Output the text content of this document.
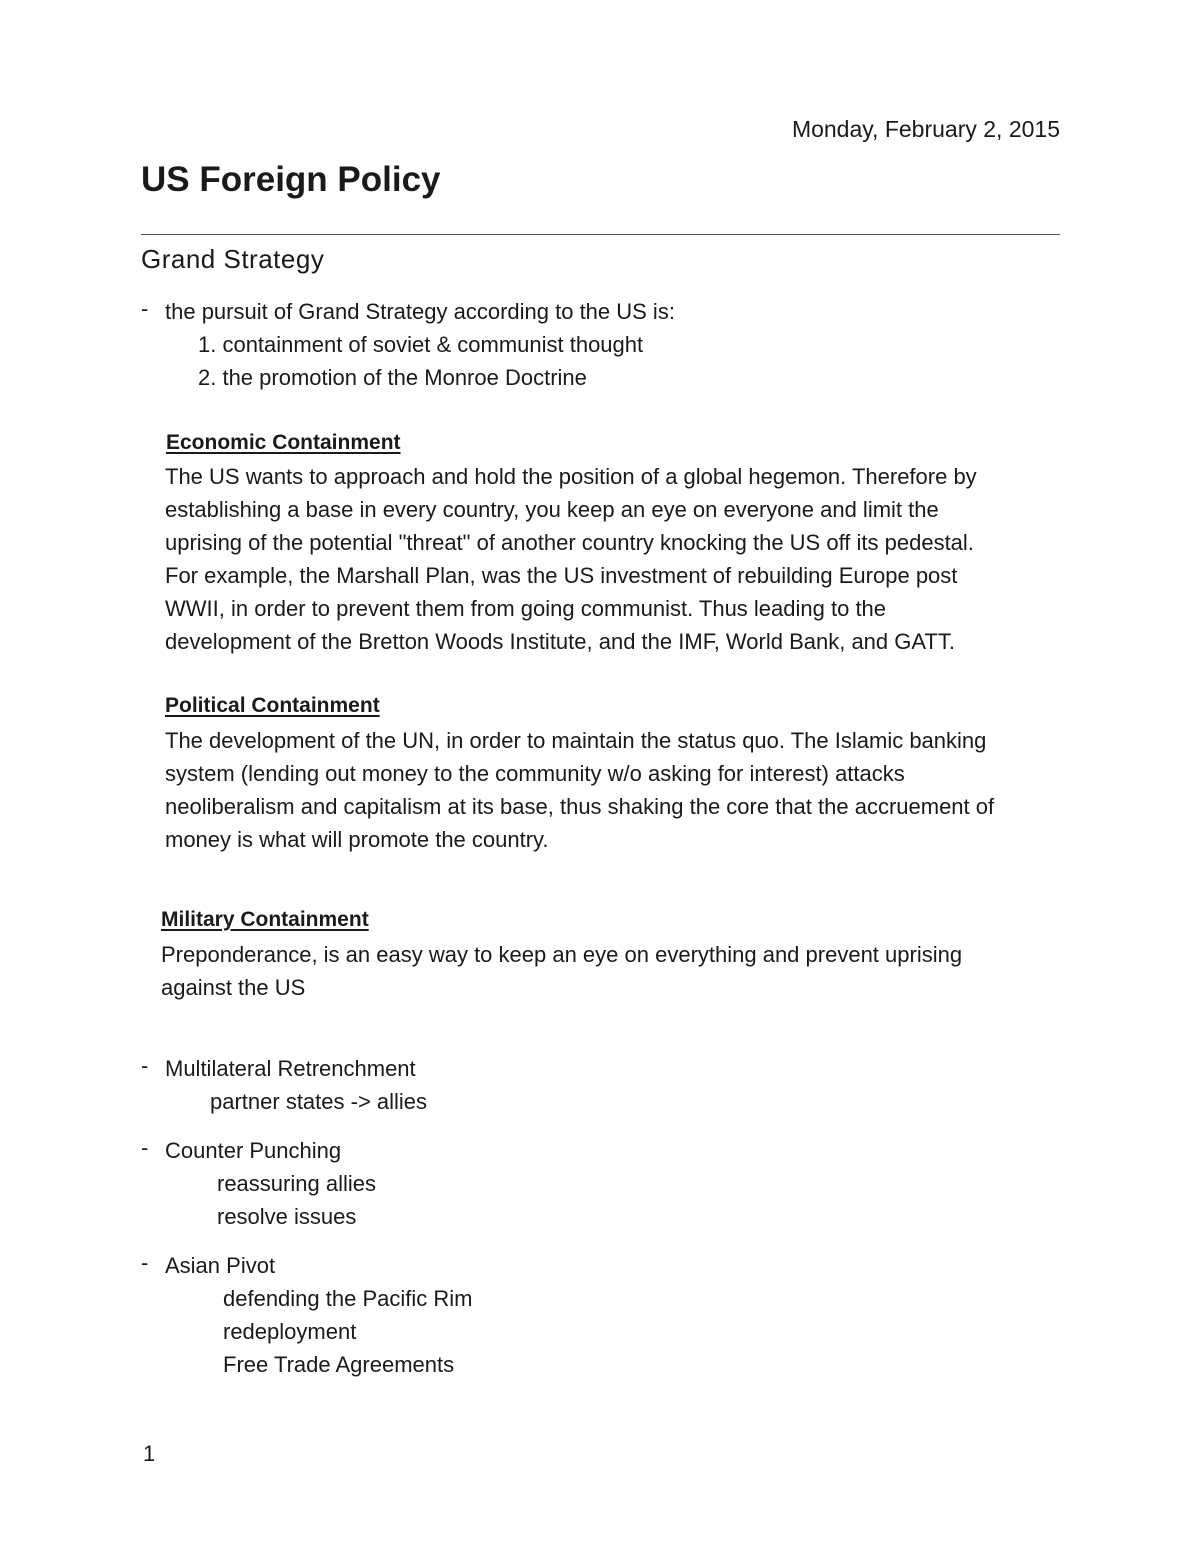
Monday, February 2, 2015
US Foreign Policy
Grand Strategy
- the pursuit of Grand Strategy according to the US is:
1. containment of soviet & communist thought
2. the promotion of the Monroe Doctrine
Economic Containment
The US wants to approach and hold the position of a global hegemon. Therefore by
establishing a base in every country, you keep an eye on everyone and limit the
uprising of the potential "threat" of another country knocking the US off its pedestal.
For example, the Marshall Plan, was the US investment of rebuilding Europe post
WWII, in order to prevent them from going communist. Thus leading to the
development of the Bretton Woods Institute, and the IMF, World Bank, and GATT.
Political Containment
The development of the UN, in order to maintain the status quo. The Islamic banking
system (lending out money to the community w/o asking for interest) attacks
neoliberalism and capitalism at its base, thus shaking the core that the accruement of
money is what will promote the country.
Military Containment
Preponderance, is an easy way to keep an eye on everything and prevent uprising
against the US
- Multilateral Retrenchment
partner states -> allies
- Counter Punching
reassuring allies
resolve issues
- Asian Pivot
defending the Pacific Rim
redeployment
Free Trade Agreements
1
